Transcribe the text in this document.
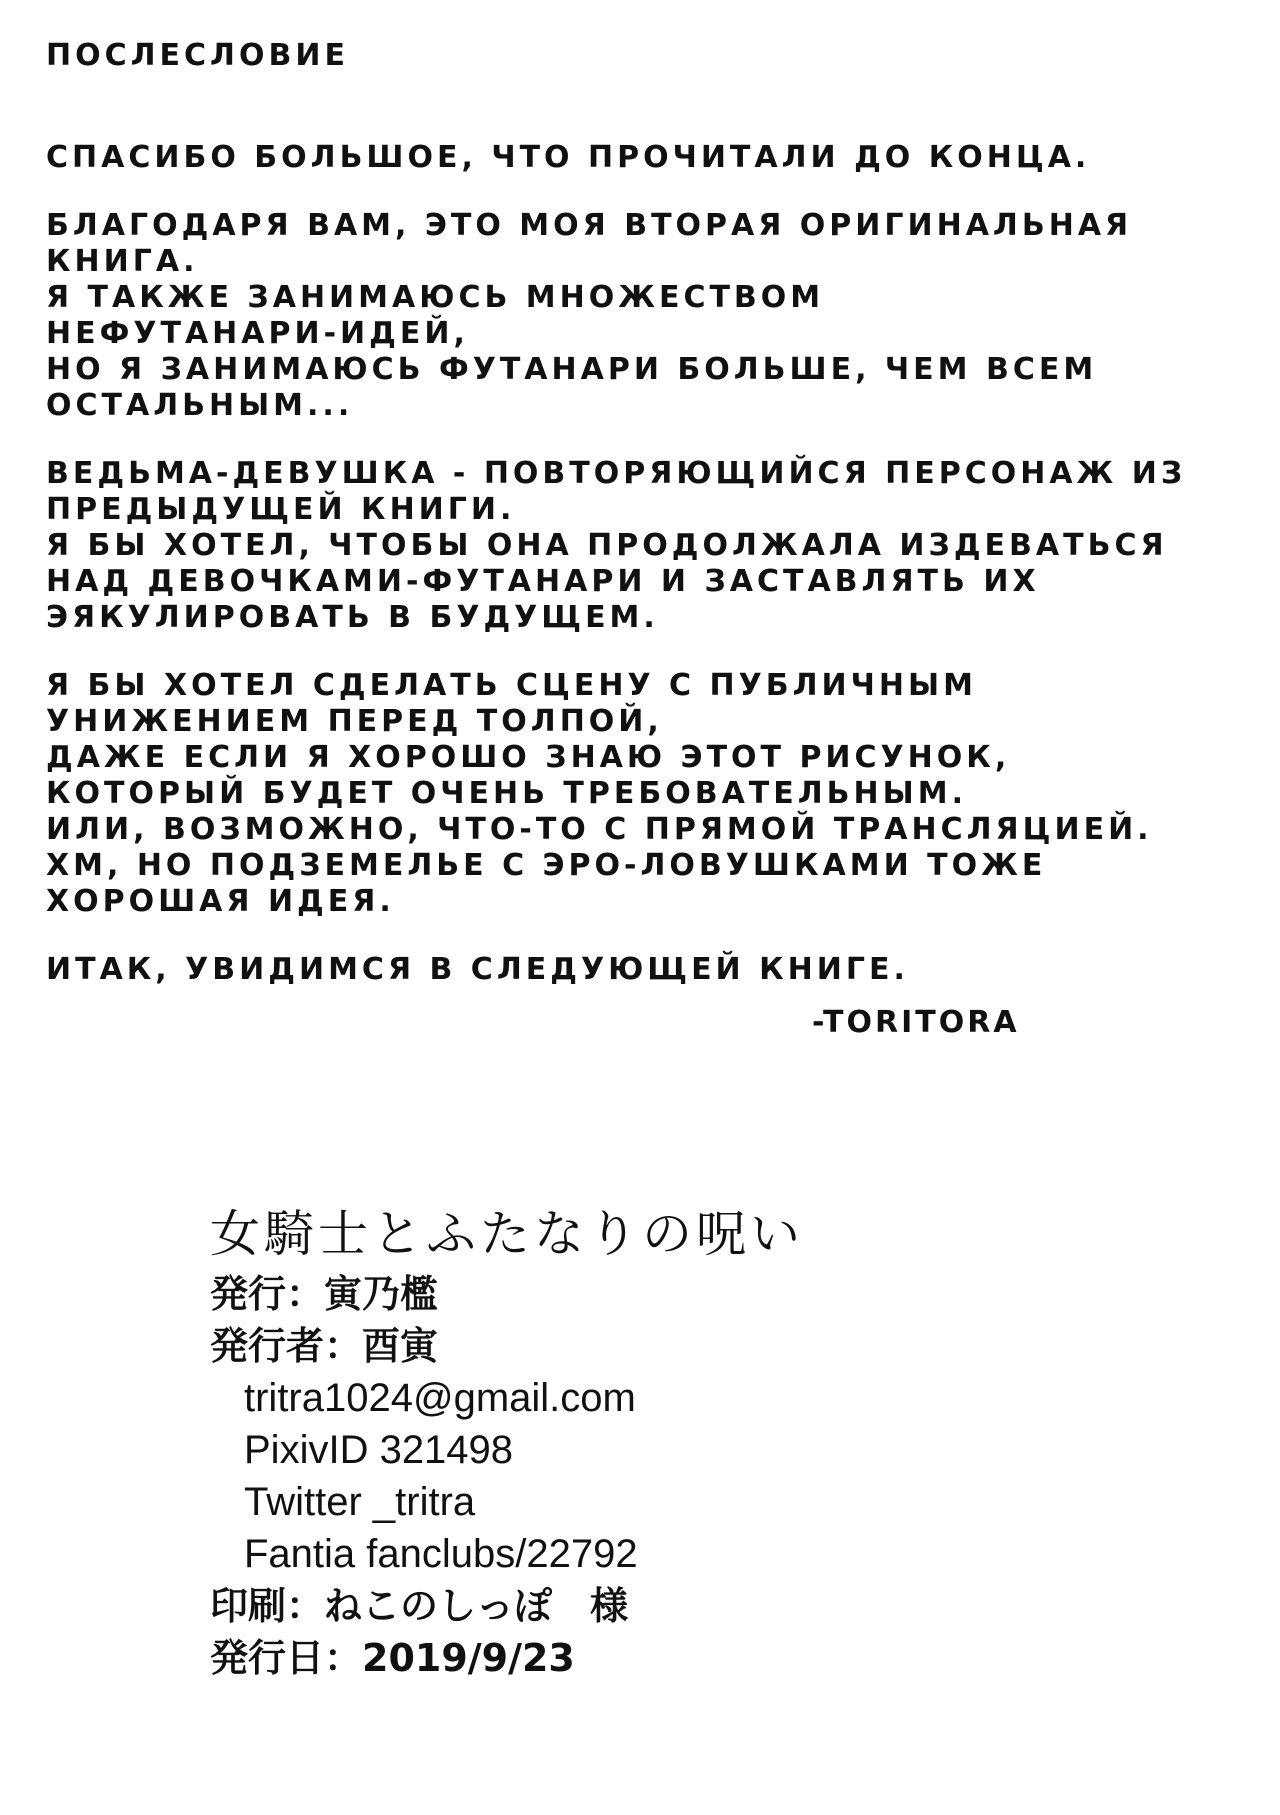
ПОСЛЕСЛОВИЕ
СПАСИБО БОЛЬШОЕ, ЧТО ПРОЧИТАЛИ ДО КОНЦА.
БЛАГОДАРЯ ВАМ, ЭТО МОЯ ВТОРАЯ ОРИГИНАЛЬНАЯ
КНИГА.
Я ТАКЖЕ ЗАНИМАЮСЬ МНОЖЕСТВОМ
НЕФУТАНАРИ-ИДЕЙ,
НО Я ЗАНИМАЮСЬ ФУТАНАРИ БОЛЬШЕ, ЧЕМ ВСЕМ
ОСТАЛЬНЫМ...
ВЕДЬМА-ДЕВУШКА - ПОВТОРЯЮЩИЙСЯ ПЕРСОНАЖ ИЗ
ПРЕДЫДУЩЕЙ КНИГИ.
Я БЫ ХОТЕЛ, ЧТОБЫ ОНА ПРОДОЛЖАЛА ИЗДЕВАТЬСЯ
НАД ДЕВОЧКАМИ-ФУТАНАРИ И ЗАСТАВЛЯТЬ ИХ
ЭЯКУЛИРОВАТЬ В БУДУЩЕМ.
Я БЫ ХОТЕЛ СДЕЛАТЬ СЦЕНУ С ПУБЛИЧНЫМ
УНИЖЕНИЕМ ПЕРЕД ТОЛПОЙ,
ДАЖЕ ЕСЛИ Я ХОРОШО ЗНАЮ ЭТОТ РИСУНОК,
КОТОРЫЙ БУДЕТ ОЧЕНЬ ТРЕБОВАТЕЛЬНЫМ.
ИЛИ, ВОЗМОЖНО, ЧТО-ТО С ПРЯМОЙ ТРАНСЛЯЦИЕЙ.
ХМ, НО ПОДЗЕМЕЛЬЕ С ЭРО-ЛОВУШКАМИ ТОЖЕ
ХОРОШАЯ ИДЕЯ.
ИТАК, УВИДИМСЯ В СЛЕДУЮЩЕЙ КНИГЕ.
-TORITORA
女騎士とふたなりの呪い
発行：寅乃檻
発行者：酉寅
tritra1024@gmail.com
PixivID 321498
Twitter _tritra
Fantia fanclubs/22792
印刷：ねこのしっぽ　様
発行日：2019/9/23
